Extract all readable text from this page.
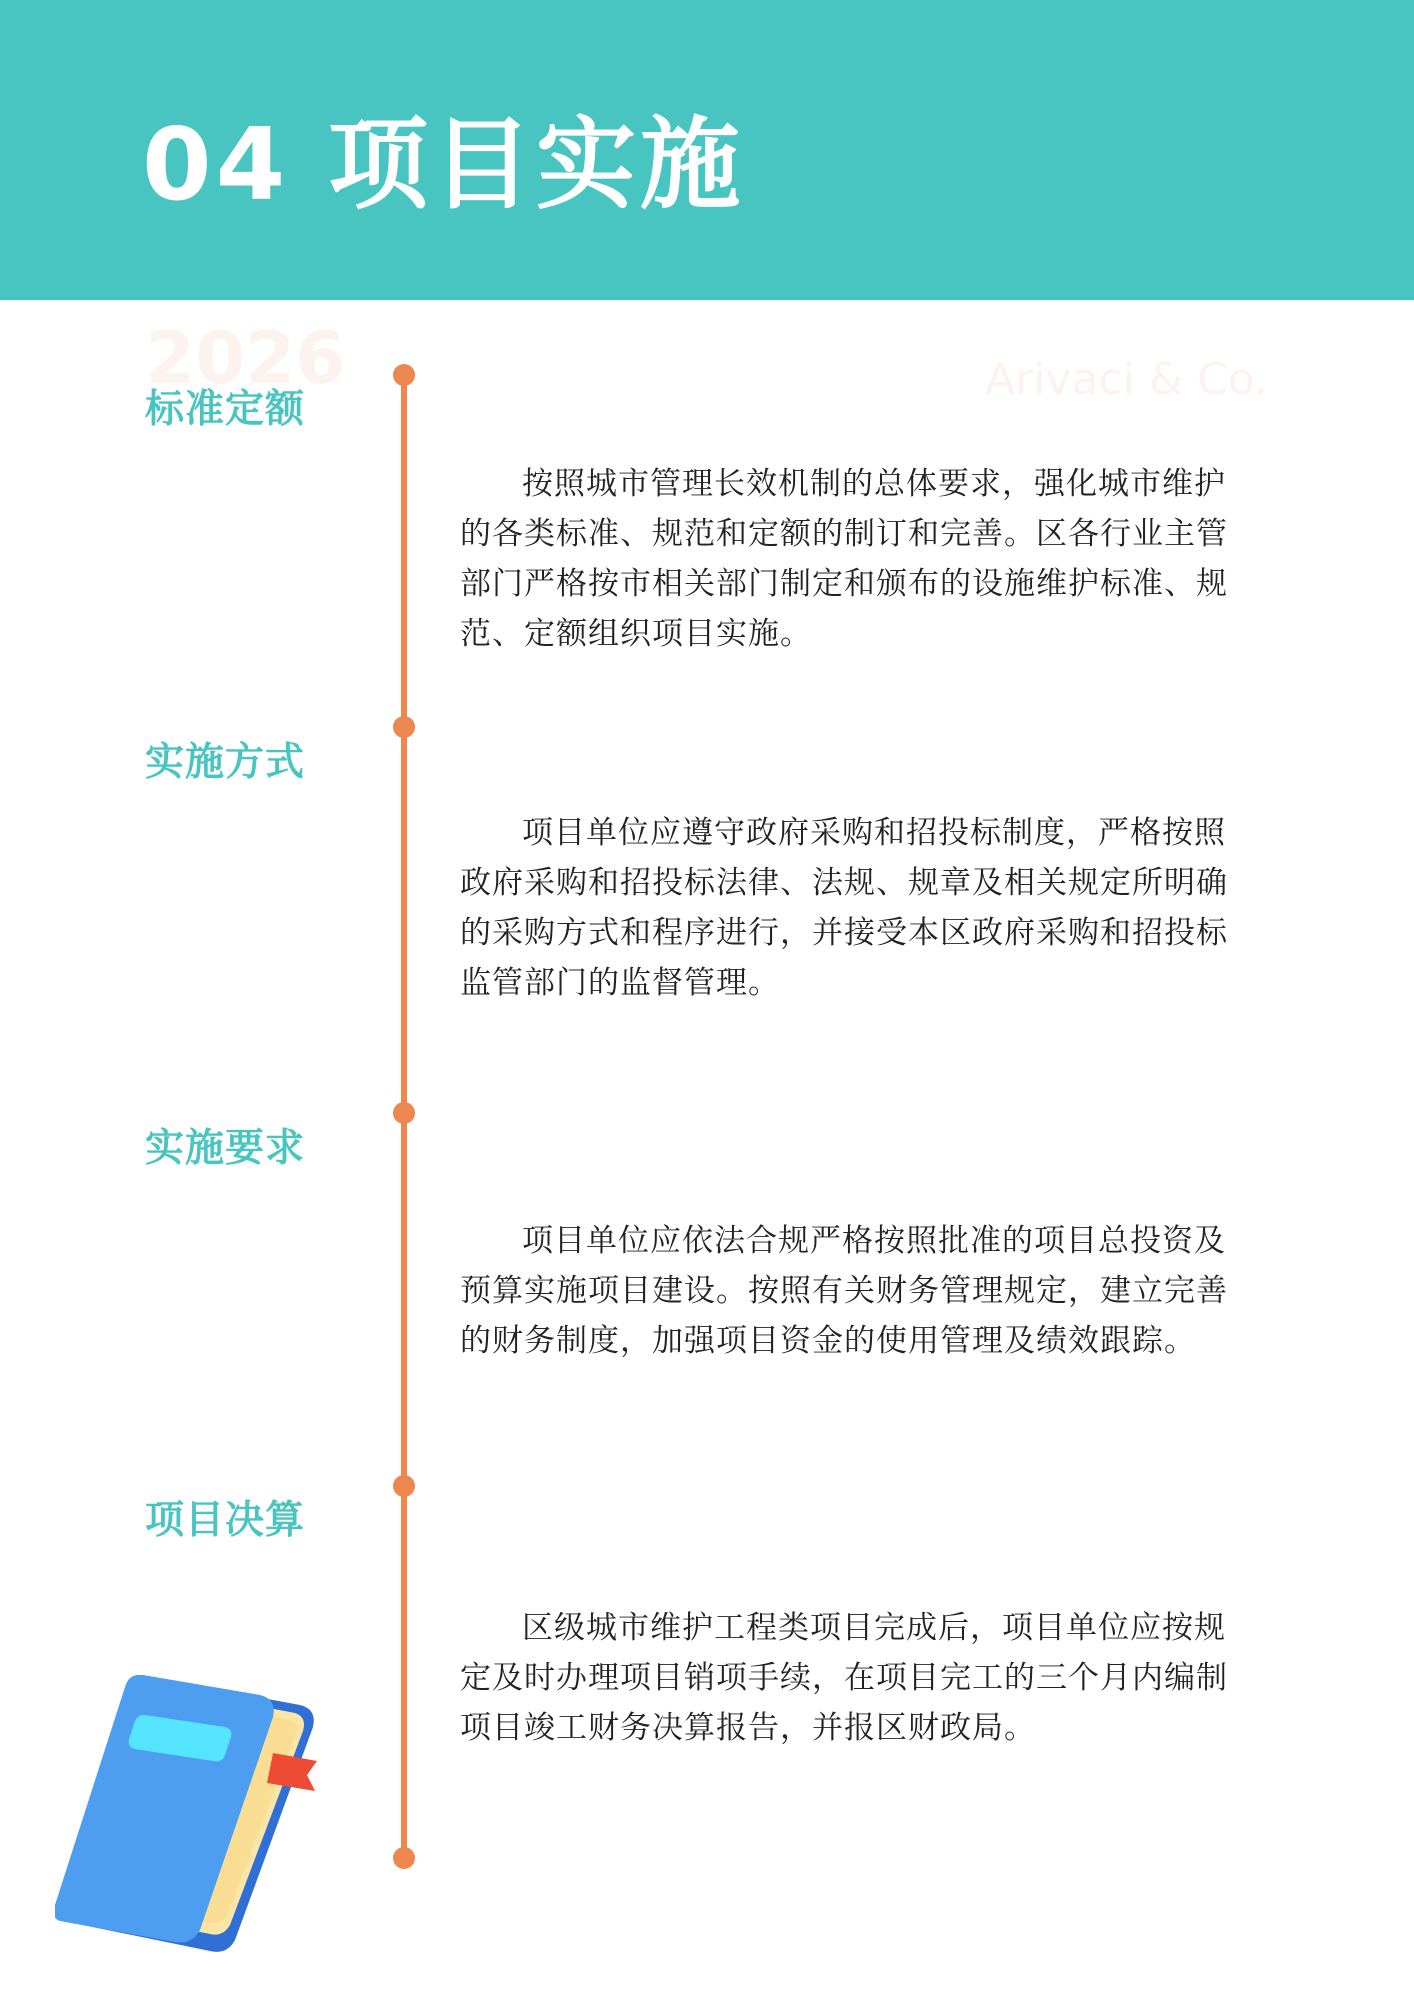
04 项目实施
2026	Arivaci & Co.
标准定额
按照城市管理长效机制的总体要求，强化城市维护的各类标准、规范和定额的制订和完善。区各行业主管部门严格按市相关部门制定和颁布的设施维护标准、规范、定额组织项目实施。
实施方式
项目单位应遵守政府采购和招投标制度，严格按照政府采购和招投标法律、法规、规章及相关规定所明确的采购方式和程序进行，并接受本区政府采购和招投标监管部门的监督管理。
实施要求
项目单位应依法合规严格按照批准的项目总投资及预算实施项目建设。按照有关财务管理规定，建立完善的财务制度，加强项目资金的使用管理及绩效跟踪。
项目决算
区级城市维护工程类项目完成后，项目单位应按规定及时办理项目销项手续，在项目完工的三个月内编制项目竣工财务决算报告，并报区财政局。
